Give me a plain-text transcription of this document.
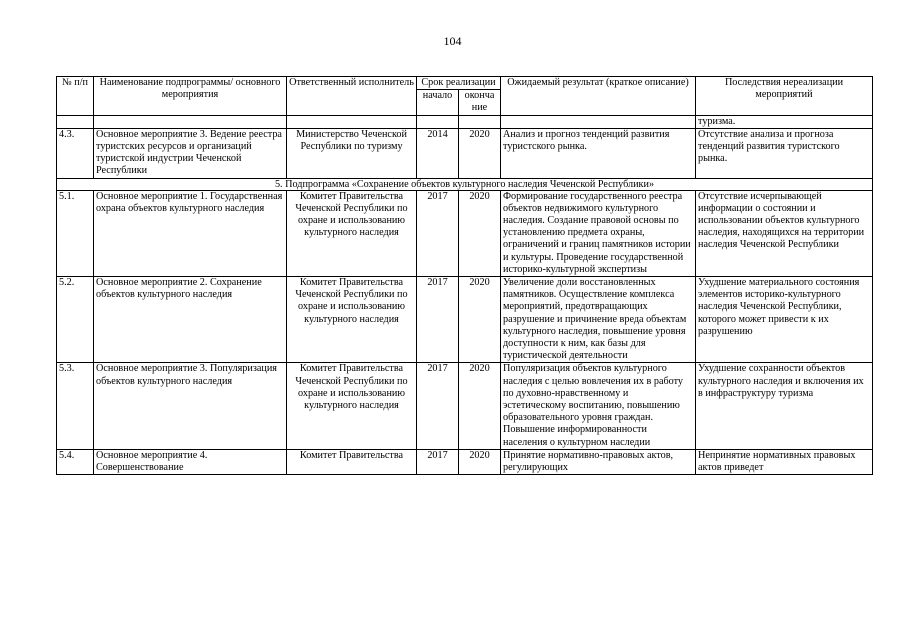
104
№ п/п	Наименование подпрограммы/ основного мероприятия	Ответственный исполнитель	Срок реализации		Ожидаемый результат (краткое описание)	Последствия нереализации мероприятий
			начало	оконча ние		
						туризма.
4.3.	Основное мероприятие 3. Ведение реестра туристских ресурсов и организаций туристской индустрии Чеченской Республики	Министерство Чеченской Республики по туризму	2014	2020	Анализ и прогноз тенденций развития туристского рынка.	Отсутствие анализа и прогноза тенденций развития туристского рынка.
5. Подпрограмма «Сохранение объектов культурного наследия Чеченской Республики»						
5.1.	Основное мероприятие 1. Государственная охрана объектов культурного наследия	Комитет Правительства Чеченской Республики по охране и использованию культурного наследия	2017	2020	Формирование государственного реестра объектов недвижимого культурного наследия. Создание правовой основы по установлению предмета охраны, ограничений и границ памятников истории и культуры. Проведение государственной историко-культурной экспертизы	Отсутствие исчерпывающей информации о состоянии и использовании объектов культурного наследия, находящихся на территории наследия Чеченской Республики
5.2.	Основное мероприятие 2. Сохранение объектов культурного наследия	Комитет Правительства Чеченской Республики по охране и использованию культурного наследия	2017	2020	Увеличение доли восстановленных памятников. Осуществление комплекса мероприятий, предотвращающих разрушение и причинение вреда объектам культурного наследия, повышение уровня доступности к ним, как базы для туристической деятельности	Ухудшение материального состояния элементов историко-культурного наследия Чеченской Республики, которого может привести к их разрушению
5.3.	Основное мероприятие 3. Популяризация объектов культурного наследия	Комитет Правительства Чеченской Республики по охране и использованию культурного наследия	2017	2020	Популяризация объектов культурного наследия с целью вовлечения их в работу по духовно-нравственному и эстетическому воспитанию, повышению образовательного уровня граждан. Повышение информированности населения о культурном наследии	Ухудшение сохранности объектов культурного наследия и включения их в инфраструктуру туризма
5.4.	Основное мероприятие 4. Совершенствование	Комитет Правительства	2017	2020	Принятие нормативно-правовых актов, регулирующих	Непринятие нормативных правовых актов приведет
